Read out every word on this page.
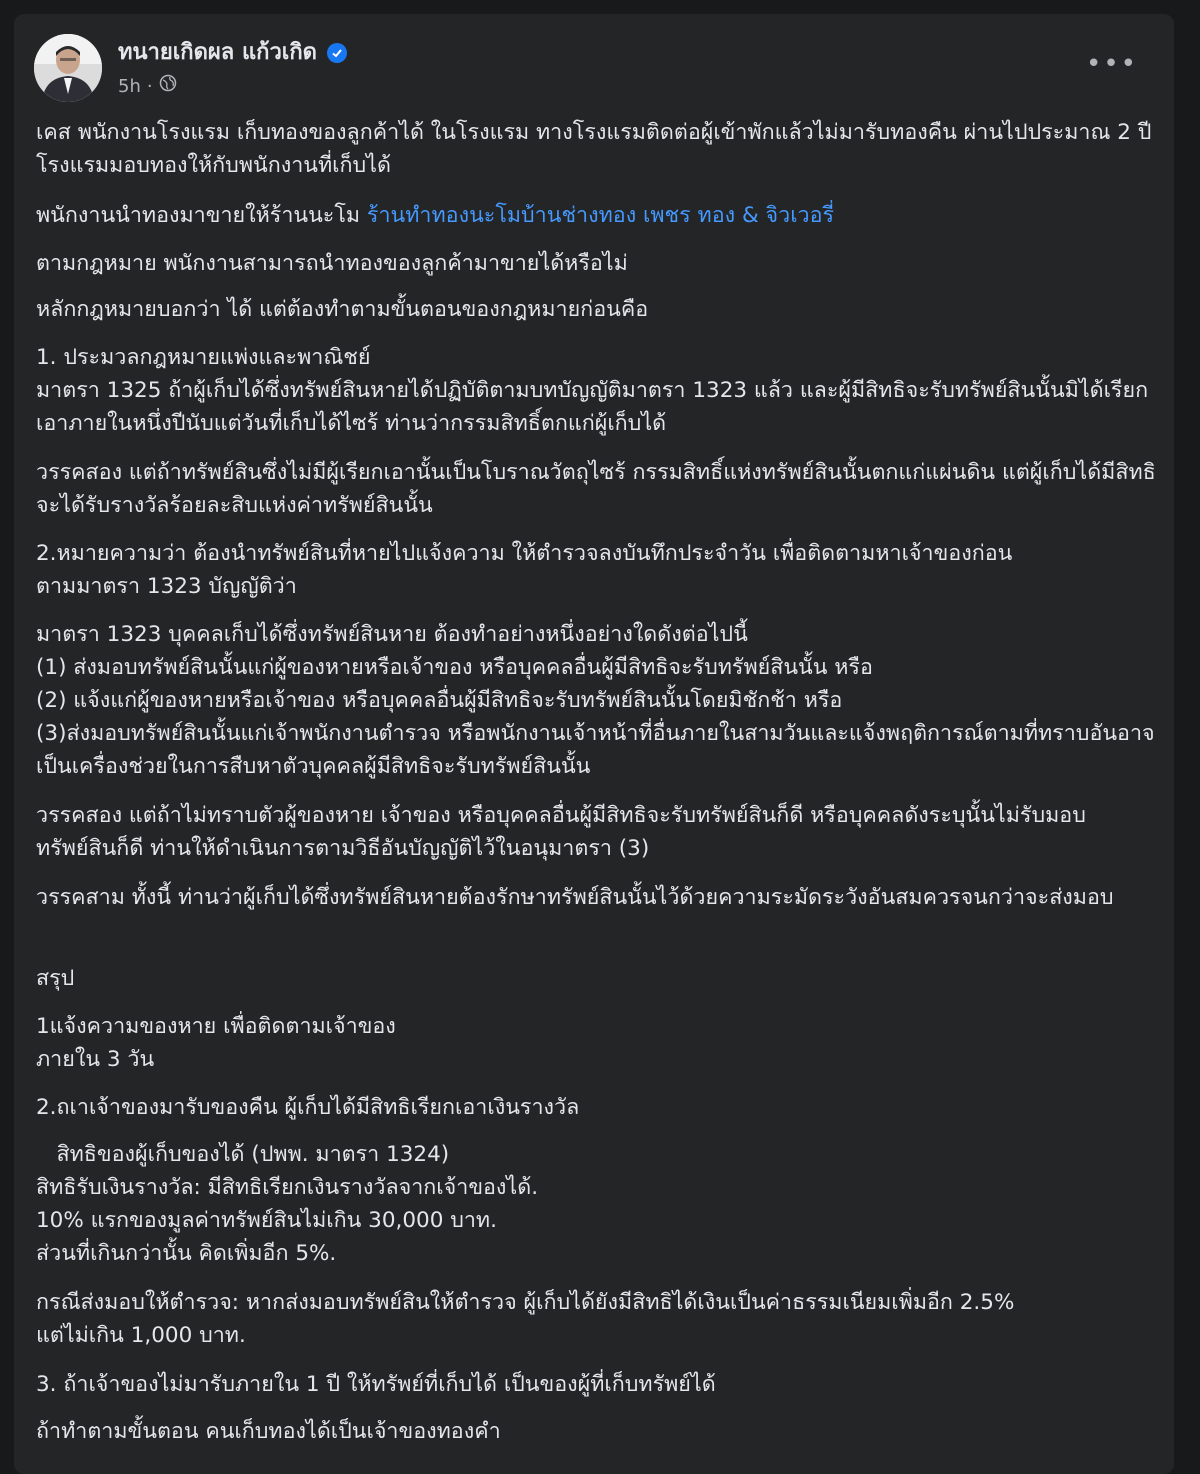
ทนายเกิดผล แก้วเกิด
5h ·
•••

เคส พนักงานโรงแรม เก็บทองของลูกค้าได้ ในโรงแรม ทางโรงแรมติดต่อผู้เข้าพักแล้วไม่มารับทองคืน ผ่านไปประมาณ 2 ปี โรงแรมมอบทองให้กับพนักงานที่เก็บได้

พนักงานนำทองมาขายให้ร้านนะโม ร้านทำทองนะโมบ้านช่างทอง เพชร ทอง & จิวเวอรี่

ตามกฎหมาย พนักงานสามารถนำทองของลูกค้ามาขายได้หรือไม่

หลักกฎหมายบอกว่า ได้ แต่ต้องทำตามขั้นตอนของกฎหมายก่อนคือ

1. ประมวลกฎหมายแพ่งและพาณิชย์

มาตรา 1325 ถ้าผู้เก็บได้ซึ่งทรัพย์สินหายได้ปฏิบัติตามบทบัญญัติมาตรา 1323 แล้ว และผู้มีสิทธิจะรับทรัพย์สินนั้นมิได้เรียกเอาภายในหนึ่งปีนับแต่วันที่เก็บได้ไซร้ ท่านว่ากรรมสิทธิ์ตกแก่ผู้เก็บได้

วรรคสอง แต่ถ้าทรัพย์สินซึ่งไม่มีผู้เรียกเอานั้นเป็นโบราณวัตถุไซร้ กรรมสิทธิ์แห่งทรัพย์สินนั้นตกแก่แผ่นดิน แต่ผู้เก็บได้มีสิทธิจะได้รับรางวัลร้อยละสิบแห่งค่าทรัพย์สินนั้น

2.หมายความว่า ต้องนำทรัพย์สินที่หายไปแจ้งความ ให้ตำรวจลงบันทึกประจำวัน เพื่อติดตามหาเจ้าของก่อน

ตามมาตรา 1323 บัญญัติว่า

มาตรา 1323 บุคคลเก็บได้ซึ่งทรัพย์สินหาย ต้องทำอย่างหนึ่งอย่างใดดังต่อไปนี้

(1) ส่งมอบทรัพย์สินนั้นแก่ผู้ของหายหรือเจ้าของ หรือบุคคลอื่นผู้มีสิทธิจะรับทรัพย์สินนั้น หรือ

(2) แจ้งแก่ผู้ของหายหรือเจ้าของ หรือบุคคลอื่นผู้มีสิทธิจะรับทรัพย์สินนั้นโดยมิชักช้า หรือ

(3)ส่งมอบทรัพย์สินนั้นแก่เจ้าพนักงานตำรวจ หรือพนักงานเจ้าหน้าที่อื่นภายในสามวันและแจ้งพฤติการณ์ตามที่ทราบอันอาจเป็นเครื่องช่วยในการสืบหาตัวบุคคลผู้มีสิทธิจะรับทรัพย์สินนั้น

วรรคสอง แต่ถ้าไม่ทราบตัวผู้ของหาย เจ้าของ หรือบุคคลอื่นผู้มีสิทธิจะรับทรัพย์สินก็ดี หรือบุคคลดังระบุนั้นไม่รับมอบทรัพย์สินก็ดี ท่านให้ดำเนินการตามวิธีอันบัญญัติไว้ในอนุมาตรา (3)

วรรคสาม ทั้งนี้ ท่านว่าผู้เก็บได้ซึ่งทรัพย์สินหายต้องรักษาทรัพย์สินนั้นไว้ด้วยความระมัดระวังอันสมควรจนกว่าจะส่งมอบ

สรุป

1แจ้งความของหาย เพื่อติดตามเจ้าของ

ภายใน 3 วัน

2.ถเาเจ้าของมารับของคืน ผู้เก็บได้มีสิทธิเรียกเอาเงินรางวัล

สิทธิของผู้เก็บของได้ (ปพพ. มาตรา 1324)

สิทธิรับเงินรางวัล: มีสิทธิเรียกเงินรางวัลจากเจ้าของได้.

10% แรกของมูลค่าทรัพย์สินไม่เกิน 30,000 บาท.

ส่วนที่เกินกว่านั้น คิดเพิ่มอีก 5%.

กรณีส่งมอบให้ตำรวจ: หากส่งมอบทรัพย์สินให้ตำรวจ ผู้เก็บได้ยังมีสิทธิได้เงินเป็นค่าธรรมเนียมเพิ่มอีก 2.5%

แต่ไม่เกิน 1,000 บาท.

3. ถ้าเจ้าของไม่มารับภายใน 1 ปี ให้ทรัพย์ที่เก็บได้ เป็นของผู้ที่เก็บทรัพย์ได้

ถ้าทำตามขั้นตอน คนเก็บทองได้เป็นเจ้าของทองคำ
